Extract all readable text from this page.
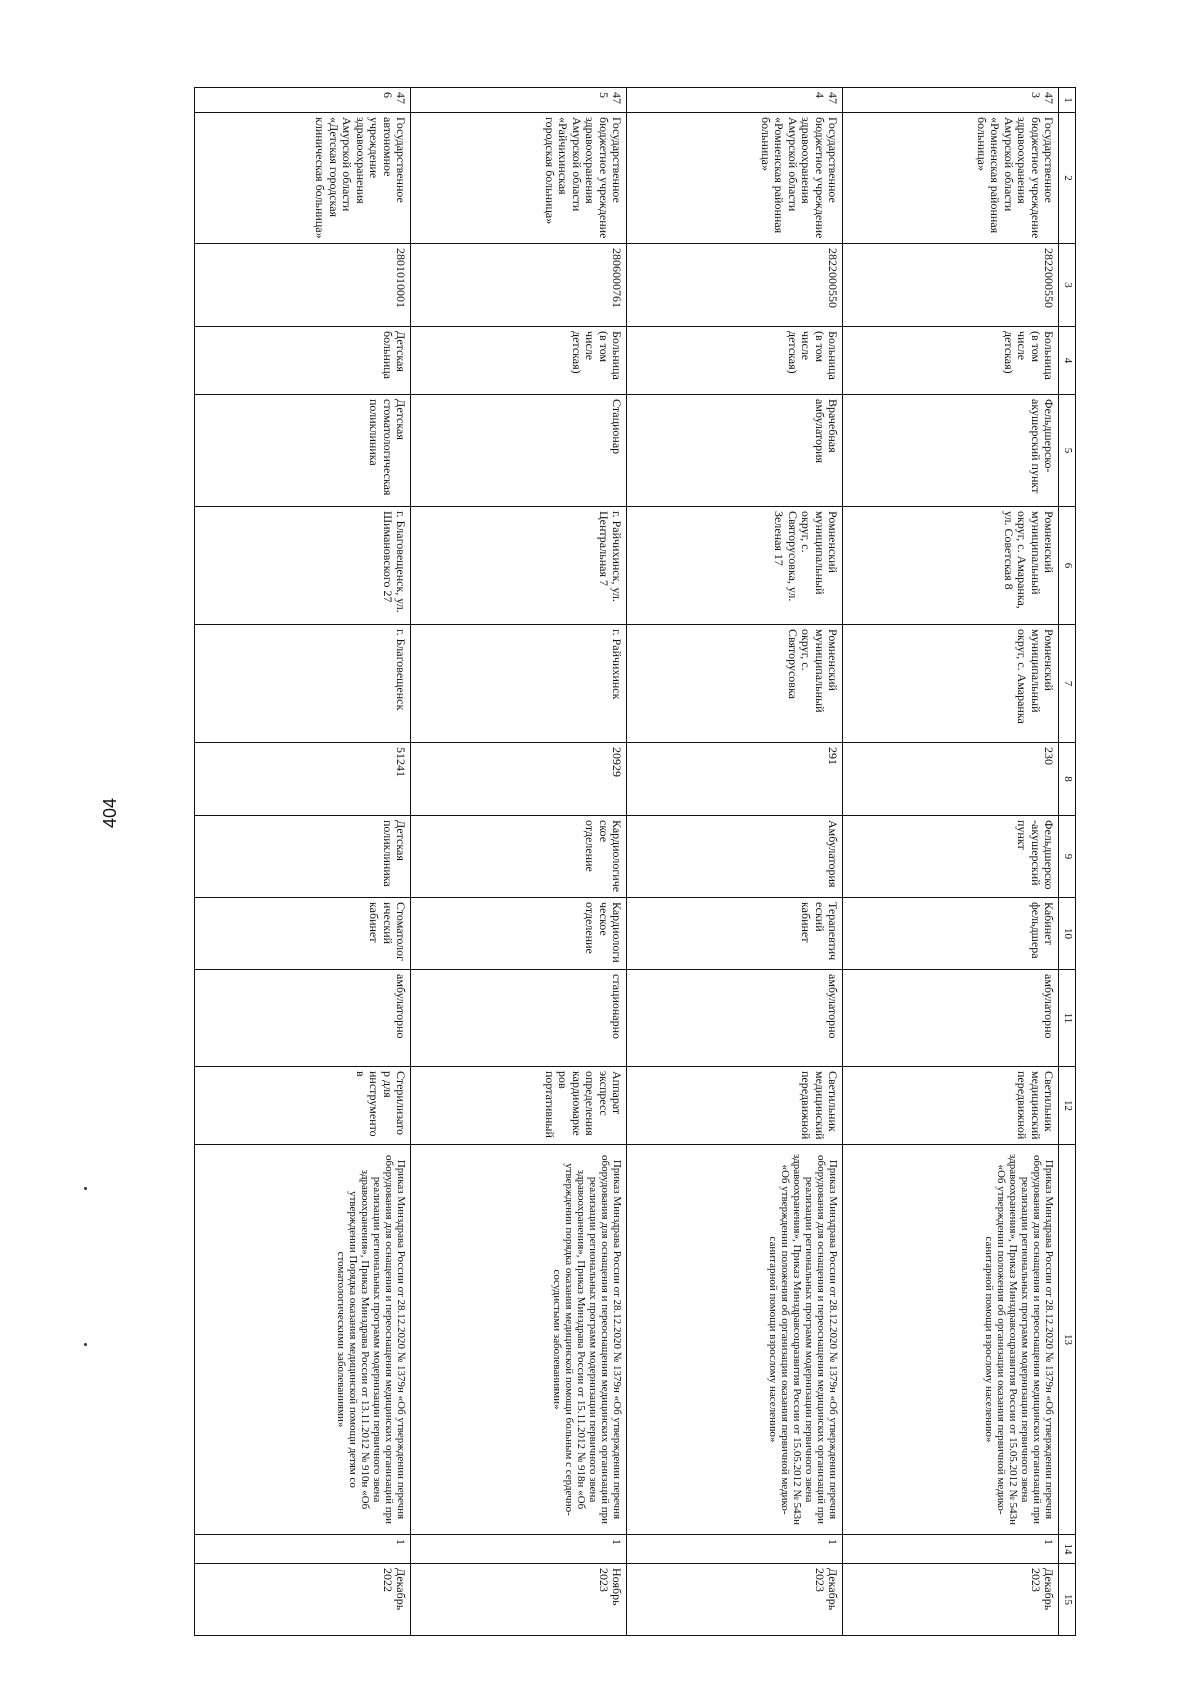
404
1	2	3	4	5	6	7	8	9	10	11	12	13	14	15
473	Государственное бюджетное учреждение здравоохранения Амурской области «Ромненская районная больница»	2822000550	Больница (в том числе детская)	Фельдшерско-акушерский пункт	Ромненский муниципальный округ, с. Амаранка, ул. Советская 8	Ромненский муниципальный округ, с. Амаранка	230	Фельдшерско-акушерский пункт	Кабинет фельдшера	амбулаторно	Светильник медицинский передвижной	Приказ Минздрава России от 28.12.2020 № 1379н «Об утверждении перечня оборудования для оснащения и переоснащения медицинских организаций при реализации региональных программ модернизации первичного звена здравоохранения», Приказ Минздравсоцразвития России от 15.05.2012 № 543н «Об утверждении положения об организации оказания первичной медико-санитарной помощи взрослому населению»	1	Декабрь 2023
474	Государственное бюджетное учреждение здравоохранения Амурской области «Ромненская районная больница»	2822000550	Больница (в том числе детская)	Врачебная амбулатория	Ромненский муниципальный округ, с. Святорусовка, ул. Зеленая 17	Ромненский муниципальный округ, с. Святорусовка	291	Амбулатория	Терапевтический кабинет	амбулаторно	Светильник медицинский передвижной	Приказ Минздрава России от 28.12.2020 № 1379н «Об утверждении перечня оборудования для оснащения и переоснащения медицинских организаций при реализации региональных программ модернизации первичного звена здравоохранения», Приказ Минздравсоцразвития России от 15.05.2012 № 543н «Об утверждении положения об организации оказания первичной медико-санитарной помощи взрослому населению»	1	Декабрь 2023
475	Государственное бюджетное учреждение здравоохранения Амурской области «Райчихинская городская больница»	2806000761	Больница (в том числе детская)	Стационар	г. Райчихинск, ул. Центральная 7	г. Райчихинск	20929	Кардиологическое отделение	Кардиологическое отделение	стационарно	Аппарат экспресс определения кардиомаркеров портативный	Приказ Минздрава России от 28.12.2020 № 1379н «Об утверждении перечня оборудования для оснащения и переоснащения медицинских организаций при реализации региональных программ модернизации первичного звена здравоохранения», Приказ Минздрава России от 15.11.2012 № 918н «Об утверждении порядка оказания медицинской помощи больным с сердечно-сосудистыми заболеваниями»	1	Ноябрь 2023
476	Государственное автономное учреждение здравоохранения Амурской области «Детская городская клиническая больница»	2801010001	Детская больница	Детская стоматологическая поликлиника	г. Благовещенск, ул. Шимановского 27	г. Благовещенск	51241	Детская поликлиника	Стоматологический кабинет	амбулаторно	Стерилизатор для инструментов	Приказ Минздрава России от 28.12.2020 № 1379н «Об утверждении перечня оборудования для оснащения и переоснащения медицинских организаций при реализации региональных программ модернизации первичного звена здравоохранения», Приказ Минздрава России от 13.11.2012 № 910н «Об утверждении Порядка оказания медицинской помощи детям со стоматологическими заболеваниями»	1	Декабрь 2022
